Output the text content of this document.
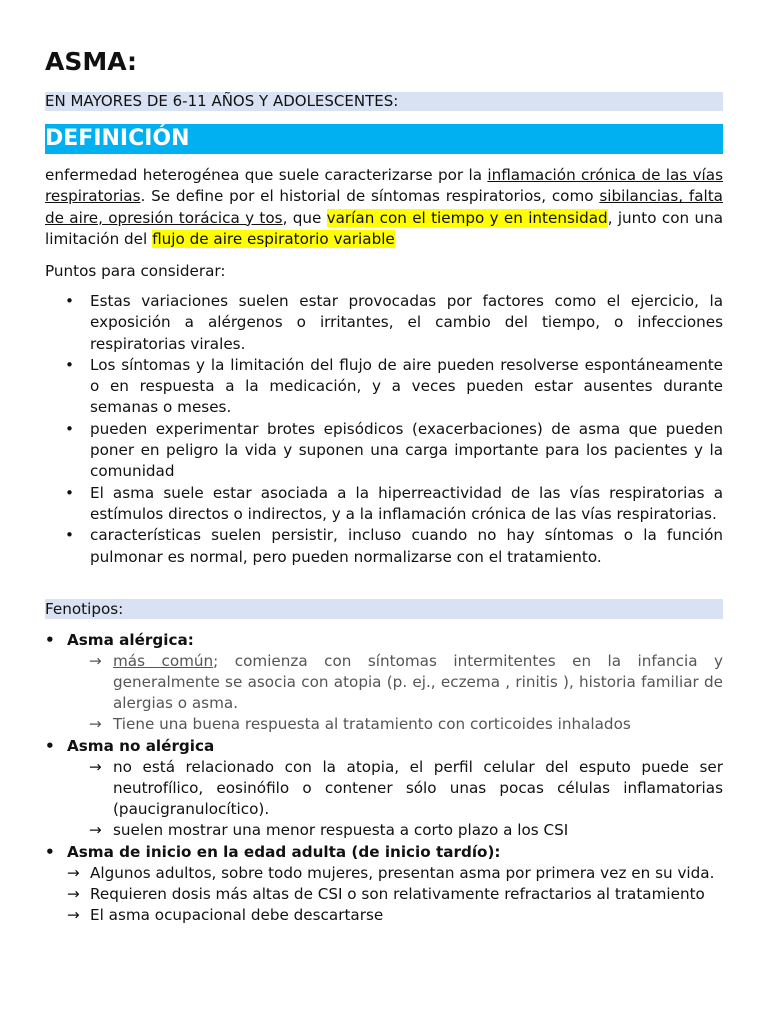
ASMA:
EN MAYORES DE 6-11 AÑOS Y ADOLESCENTES:
DEFINICIÓN

enfermedad heterogénea que suele caracterizarse por la inflamación crónica de las vías respiratorias. Se define por el historial de síntomas respiratorios, como sibilancias, falta de aire, opresión torácica y tos, que varían con el tiempo y en intensidad, junto con una limitación del flujo de aire espiratorio variable

Puntos para considerar:

• Estas variaciones suelen estar provocadas por factores como el ejercicio, la exposición a alérgenos o irritantes, el cambio del tiempo, o infecciones respiratorias virales.
• Los síntomas y la limitación del flujo de aire pueden resolverse espontáneamente o en respuesta a la medicación, y a veces pueden estar ausentes durante semanas o meses.
• pueden experimentar brotes episódicos (exacerbaciones) de asma que pueden poner en peligro la vida y suponen una carga importante para los pacientes y la comunidad
• El asma suele estar asociada a la hiperreactividad de las vías respiratorias a estímulos directos o indirectos, y a la inflamación crónica de las vías respiratorias.
• características suelen persistir, incluso cuando no hay síntomas o la función pulmonar es normal, pero pueden normalizarse con el tratamiento.
Fenotipos:
• Asma alérgica:
→ más común; comienza con síntomas intermitentes en la infancia y generalmente se asocia con atopia (p. ej., eczema , rinitis ), historia familiar de alergias o asma.
→ Tiene una buena respuesta al tratamiento con corticoides inhalados
• Asma no alérgica
→ no está relacionado con la atopia, el perfil celular del esputo puede ser neutrofílico, eosinófilo o contener sólo unas pocas células inflamatorias (paucigranulocítico).
→ suelen mostrar una menor respuesta a corto plazo a los CSI
• Asma de inicio en la edad adulta (de inicio tardío):
→ Algunos adultos, sobre todo mujeres, presentan asma por primera vez en su vida.
→ Requieren dosis más altas de CSI o son relativamente refractarios al tratamiento
→ El asma ocupacional debe descartarse
